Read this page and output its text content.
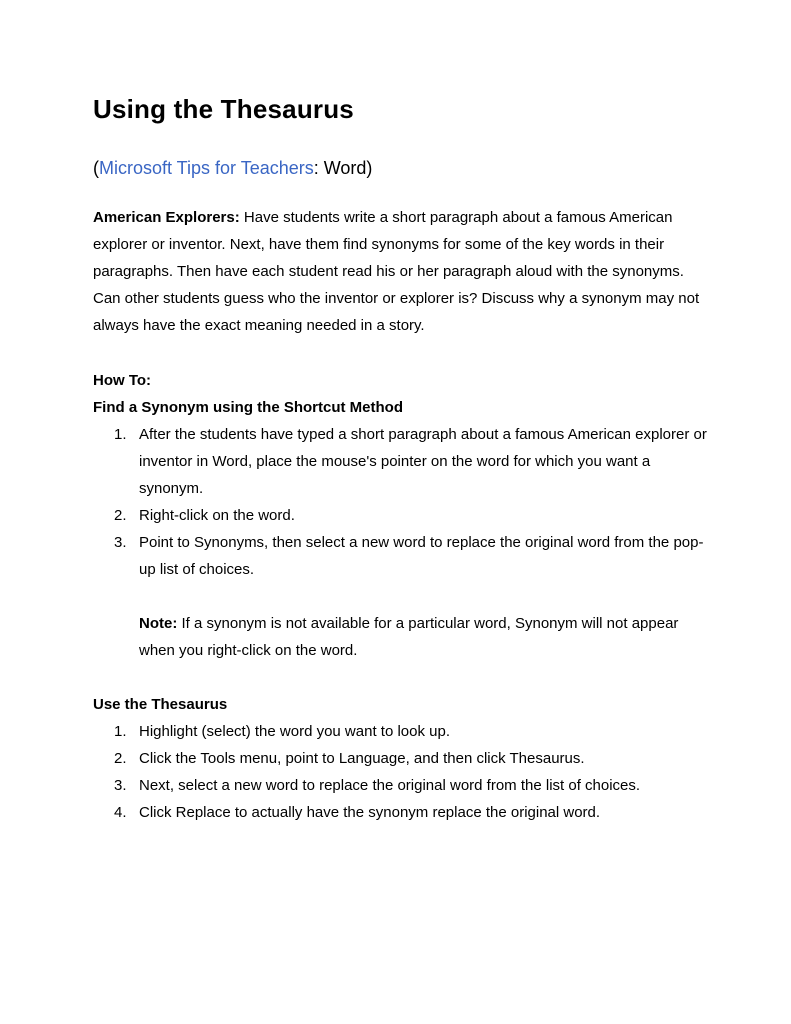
Using the Thesaurus
(Microsoft Tips for Teachers: Word)

American Explorers: Have students write a short paragraph about a famous American explorer or inventor. Next, have them find synonyms for some of the key words in their paragraphs. Then have each student read his or her paragraph aloud with the synonyms. Can other students guess who the inventor or explorer is? Discuss why a synonym may not always have the exact meaning needed in a story.

How To:
Find a Synonym using the Shortcut Method
1. After the students have typed a short paragraph about a famous American explorer or inventor in Word, place the mouse's pointer on the word for which you want a synonym.
2. Right-click on the word.
3. Point to Synonyms, then select a new word to replace the original word from the pop-up list of choices.
Note: If a synonym is not available for a particular word, Synonym will not appear when you right-click on the word.
Use the Thesaurus
1. Highlight (select) the word you want to look up.
2. Click the Tools menu, point to Language, and then click Thesaurus.
3. Next, select a new word to replace the original word from the list of choices.
4. Click Replace to actually have the synonym replace the original word.
